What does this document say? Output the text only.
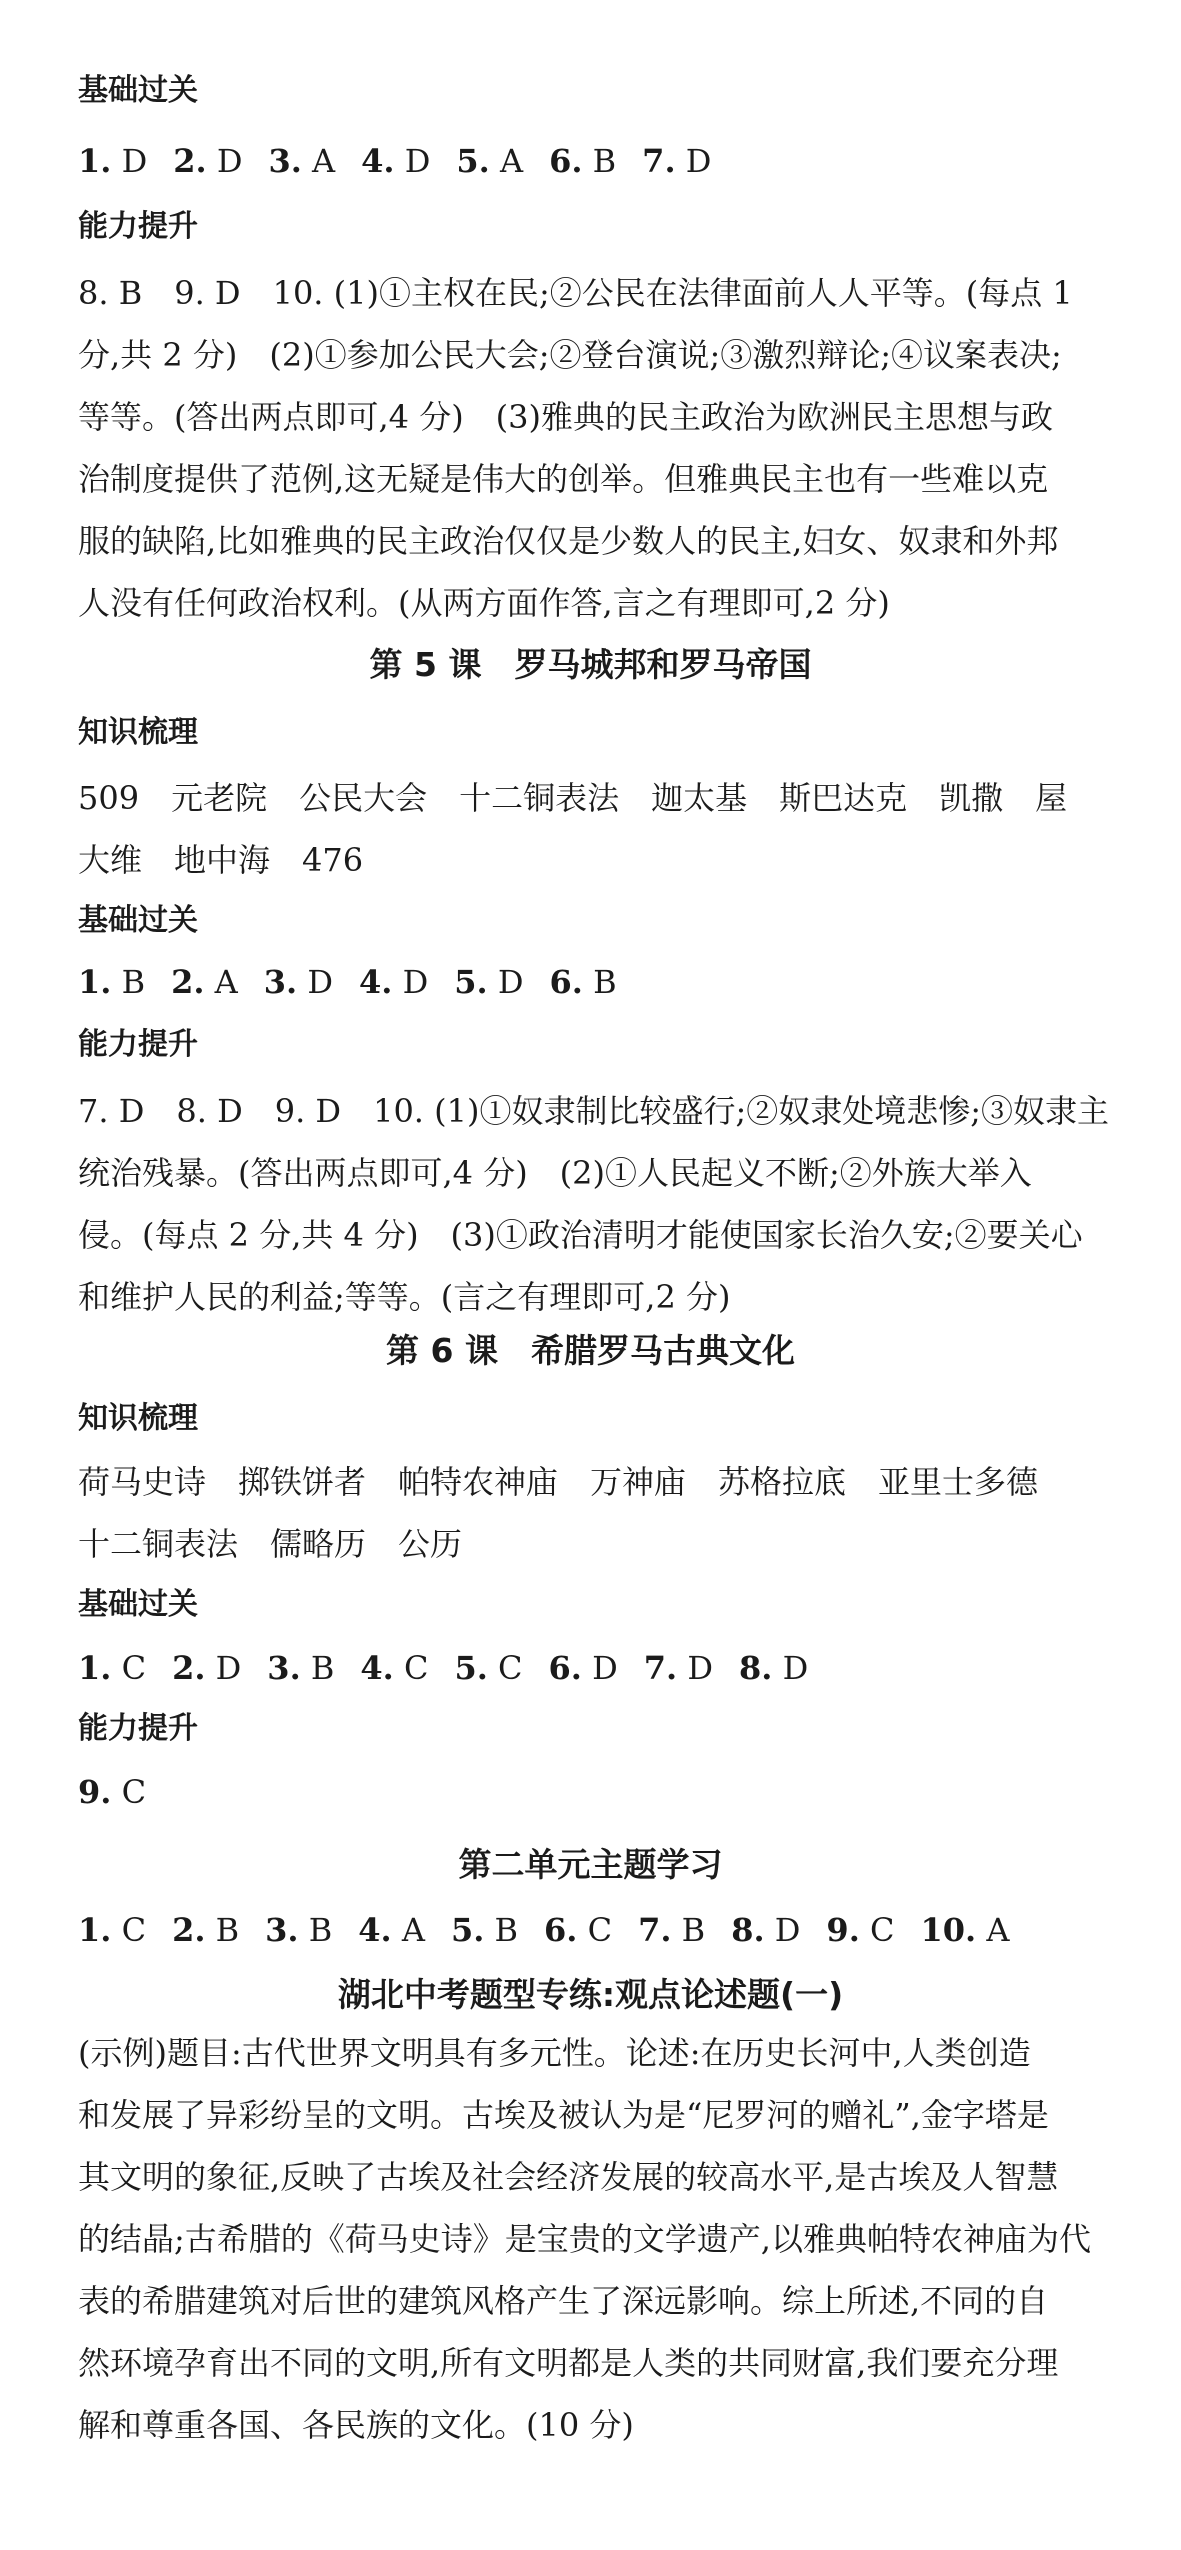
基础过关
1. D 2. D 3. A 4. D 5. A 6. B 7. D
能力提升
8. B　9. D　10. (1)①主权在民;②公民在法律面前人人平等。(每点 1
分,共 2 分)　(2)①参加公民大会;②登台演说;③激烈辩论;④议案表决;
等等。(答出两点即可,4 分)　(3)雅典的民主政治为欧洲民主思想与政
治制度提供了范例,这无疑是伟大的创举。但雅典民主也有一些难以克
服的缺陷,比如雅典的民主政治仅仅是少数人的民主,妇女、奴隶和外邦
人没有任何政治权利。(从两方面作答,言之有理即可,2 分)
第 5 课　罗马城邦和罗马帝国
知识梳理
509　元老院　公民大会　十二铜表法　迦太基　斯巴达克　凯撒　屋
大维　地中海　476
基础过关
1. B 2. A 3. D 4. D 5. D 6. B
能力提升
7. D　8. D　9. D　10. (1)①奴隶制比较盛行;②奴隶处境悲惨;③奴隶主
统治残暴。(答出两点即可,4 分)　(2)①人民起义不断;②外族大举入
侵。(每点 2 分,共 4 分)　(3)①政治清明才能使国家长治久安;②要关心
和维护人民的利益;等等。(言之有理即可,2 分)
第 6 课　希腊罗马古典文化
知识梳理
荷马史诗　掷铁饼者　帕特农神庙　万神庙　苏格拉底　亚里士多德
十二铜表法　儒略历　公历
基础过关
1. C 2. D 3. B 4. C 5. C 6. D 7. D 8. D
能力提升
9. C
第二单元主题学习
1. C 2. B 3. B 4. A 5. B 6. C 7. B 8. D 9. C 10. A
湖北中考题型专练:观点论述题(一)
(示例)题目:古代世界文明具有多元性。论述:在历史长河中,人类创造
和发展了异彩纷呈的文明。古埃及被认为是“尼罗河的赠礼”,金字塔是
其文明的象征,反映了古埃及社会经济发展的较高水平,是古埃及人智慧
的结晶;古希腊的《荷马史诗》是宝贵的文学遗产,以雅典帕特农神庙为代
表的希腊建筑对后世的建筑风格产生了深远影响。综上所述,不同的自
然环境孕育出不同的文明,所有文明都是人类的共同财富,我们要充分理
解和尊重各国、各民族的文化。(10 分)
